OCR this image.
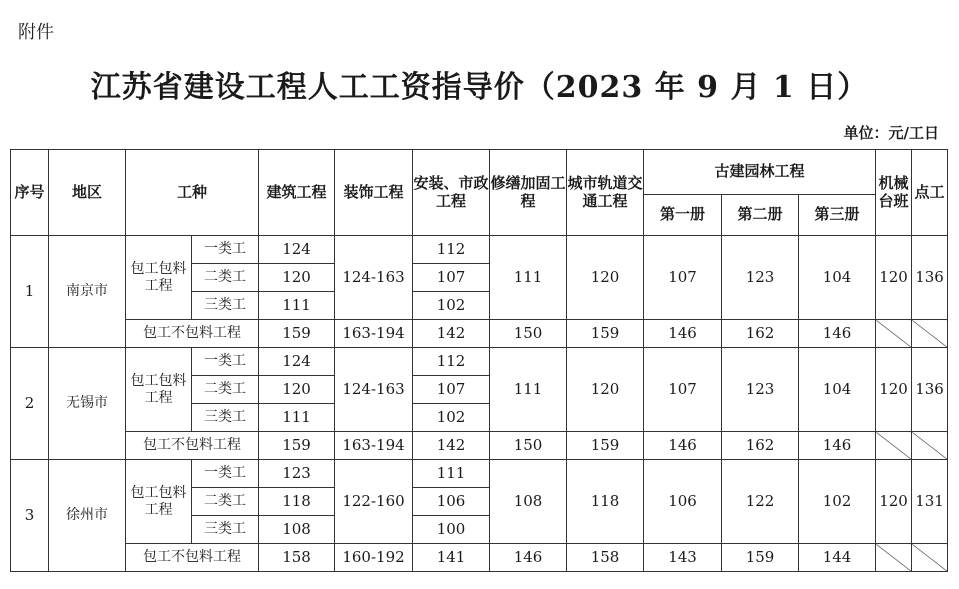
附件
江苏省建设工程人工工资指导价（2023 年 9 月 1 日）
单位：元/工日
序号	地区	工种		建筑工程	装饰工程	安装、市政工程	修缮加固工程	城市轨道交通工程	古建园林工程			机械台班	点工
									第一册	第二册	第三册		
1	南京市	包工包料工程	一类工	124	124-163	112	111	120	107	123	104	120	136
			二类工	120		107							
			三类工	111		102							
		包工不包料工程		159	163-194	142	150	159	146	162	146		
2	无锡市	包工包料工程	一类工	124	124-163	112	111	120	107	123	104	120	136
			二类工	120		107							
			三类工	111		102							
		包工不包料工程		159	163-194	142	150	159	146	162	146		
3	徐州市	包工包料工程	一类工	123	122-160	111	108	118	106	122	102	120	131
			二类工	118		106							
			三类工	108		100							
		包工不包料工程		158	160-192	141	146	158	143	159	144		
